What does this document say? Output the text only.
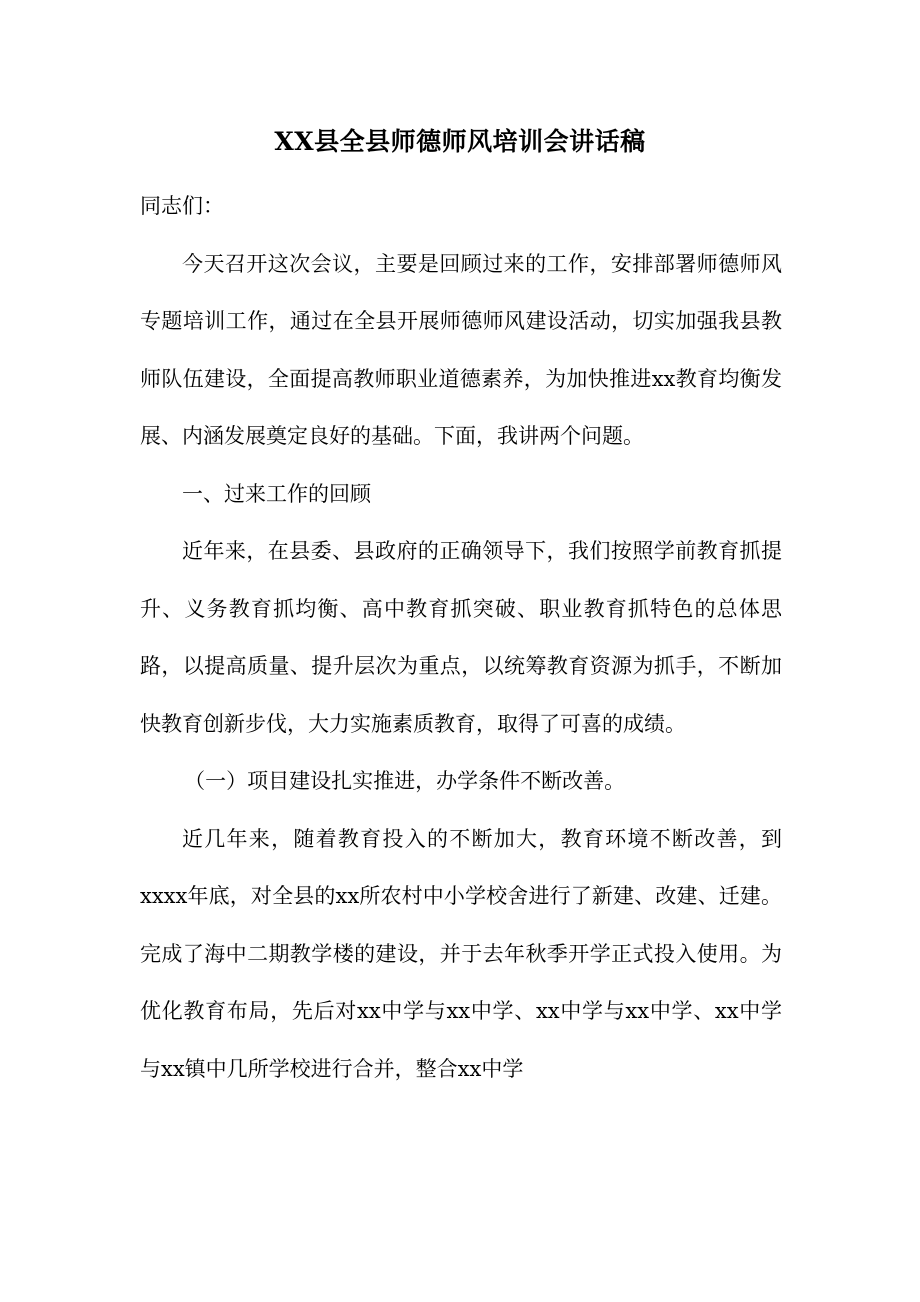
XX县全县师德师风培训会讲话稿

同志们：

今天召开这次会议，主要是回顾过来的工作，安排部署师德师风专题培训工作，通过在全县开展师德师风建设活动，切实加强我县教师队伍建设，全面提高教师职业道德素养，为加快推进xx教育均衡发展、内涵发展奠定良好的基础。下面，我讲两个问题。

一、过来工作的回顾

近年来，在县委、县政府的正确领导下，我们按照学前教育抓提升、义务教育抓均衡、高中教育抓突破、职业教育抓特色的总体思路，以提高质量、提升层次为重点，以统筹教育资源为抓手，不断加快教育创新步伐，大力实施素质教育，取得了可喜的成绩。

（一）项目建设扎实推进，办学条件不断改善。

近几年来，随着教育投入的不断加大，教育环境不断改善，到xxxx年底，对全县的xx所农村中小学校舍进行了新建、改建、迁建。完成了海中二期教学楼的建设，并于去年秋季开学正式投入使用。为优化教育布局，先后对xx中学与xx中学、xx中学与xx中学、xx中学与xx镇中几所学校进行合并，整合xx中学
